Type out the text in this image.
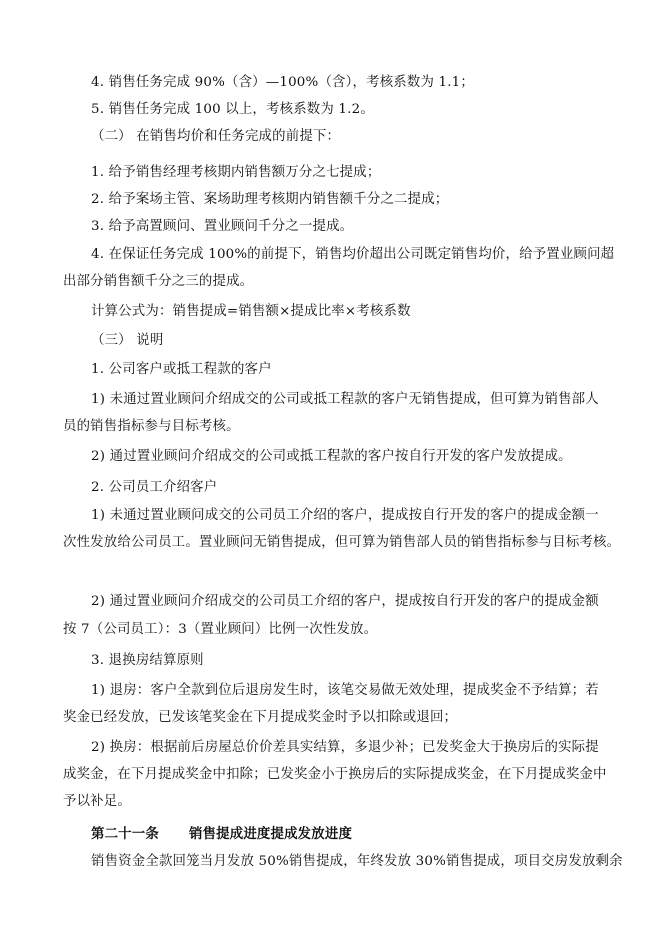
4. 销售任务完成 90%（含）—100%（含），考核系数为 1.1；
5. 销售任务完成 100 以上，考核系数为 1.2。
（二） 在销售均价和任务完成的前提下：
1. 给予销售经理考核期内销售额万分之七提成；
2. 给予案场主管、案场助理考核期内销售额千分之二提成；
3. 给予高置顾问、置业顾问千分之一提成。
4. 在保证任务完成 100%的前提下，销售均价超出公司既定销售均价，给予置业顾问超
出部分销售额千分之三的提成。
计算公式为：销售提成=销售额×提成比率×考核系数
（三） 说明
1. 公司客户或抵工程款的客户
1) 未通过置业顾问介绍成交的公司或抵工程款的客户无销售提成，但可算为销售部人
员的销售指标参与目标考核。
2) 通过置业顾问介绍成交的公司或抵工程款的客户按自行开发的客户发放提成。
2. 公司员工介绍客户
1) 未通过置业顾问成交的公司员工介绍的客户，提成按自行开发的客户的提成金额一
次性发放给公司员工。置业顾问无销售提成，但可算为销售部人员的销售指标参与目标考核。
2) 通过置业顾问介绍成交的公司员工介绍的客户，提成按自行开发的客户的提成金额
按 7（公司员工）：3（置业顾问）比例一次性发放。
3. 退换房结算原则
1) 退房：客户全款到位后退房发生时，该笔交易做无效处理，提成奖金不予结算；若
奖金已经发放，已发该笔奖金在下月提成奖金时予以扣除或退回；
2) 换房：根据前后房屋总价价差具实结算，多退少补；已发奖金大于换房后的实际提
成奖金，在下月提成奖金中扣除；已发奖金小于换房后的实际提成奖金，在下月提成奖金中
予以补足。
第二十一条 销售提成进度提成发放进度
销售资金全款回笼当月发放 50%销售提成，年终发放 30%销售提成，项目交房发放剩余
